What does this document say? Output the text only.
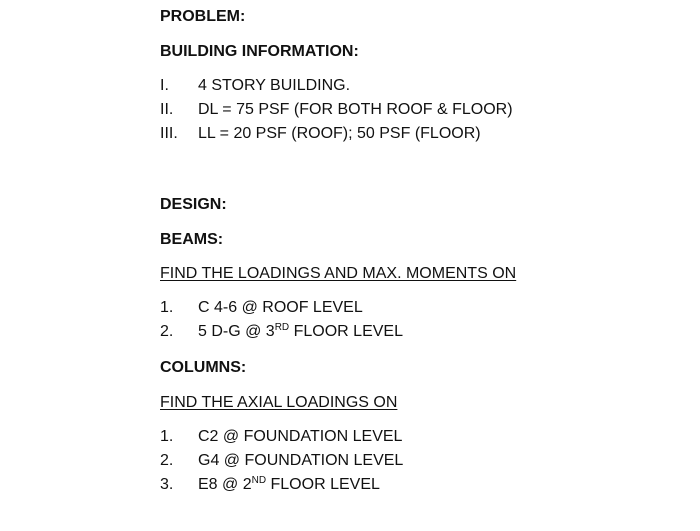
PROBLEM:
BUILDING INFORMATION:
I. 4 STORY BUILDING.
II. DL = 75 PSF (FOR BOTH ROOF & FLOOR)
III. LL = 20 PSF (ROOF); 50 PSF (FLOOR)
DESIGN:
BEAMS:
FIND THE LOADINGS AND MAX. MOMENTS ON
1. C 4-6 @ ROOF LEVEL
2. 5 D-G @ 3RD FLOOR LEVEL
COLUMNS:
FIND THE AXIAL LOADINGS ON
1. C2 @ FOUNDATION LEVEL
2. G4 @ FOUNDATION LEVEL
3. E8 @ 2ND FLOOR LEVEL
